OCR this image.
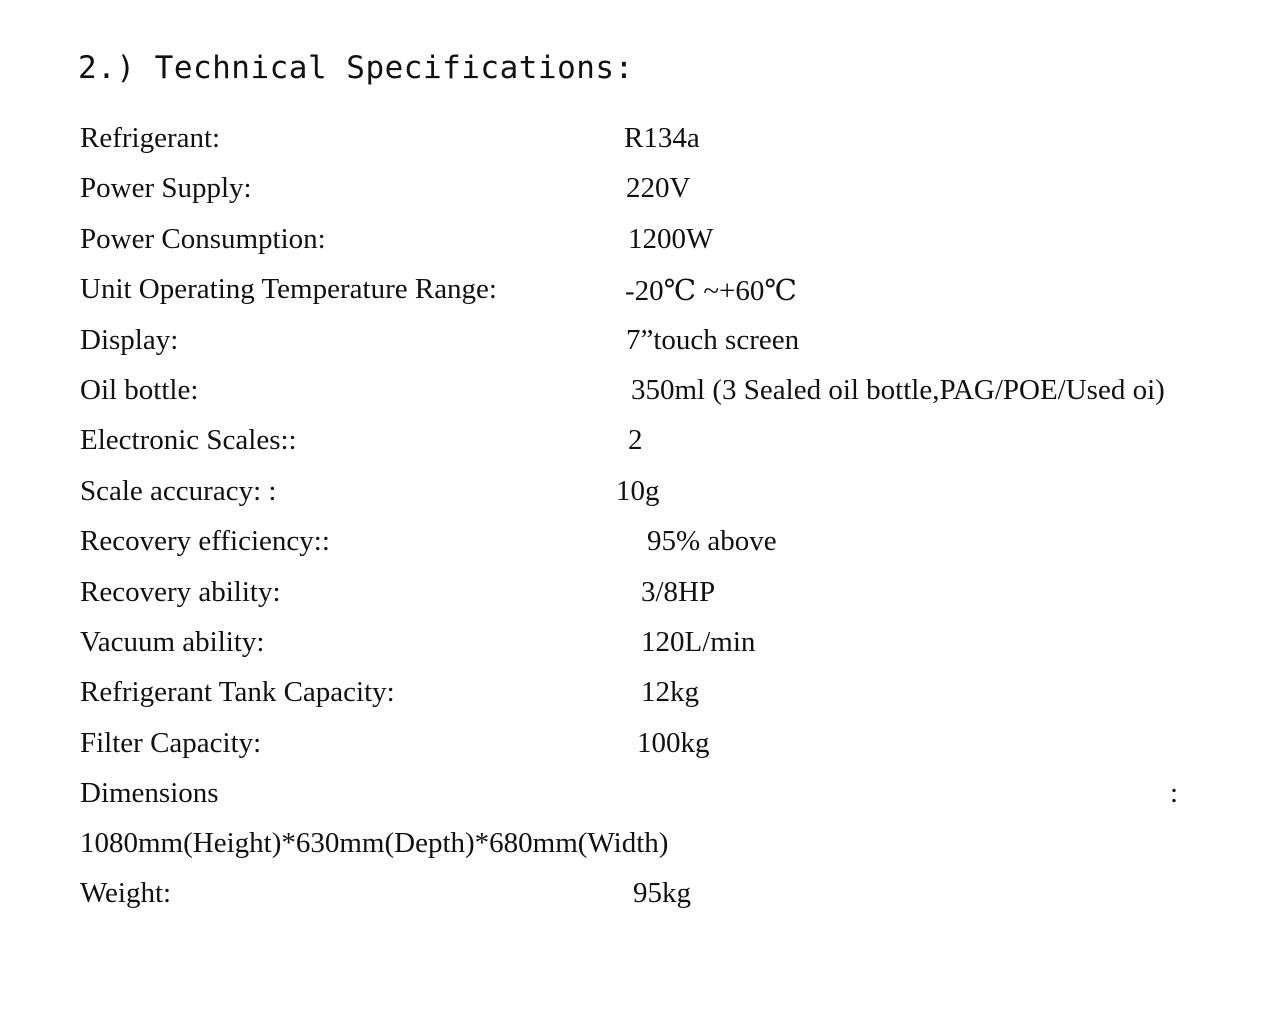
2.) Technical Specifications:
Refrigerant:	R134a
Power Supply:	220V
Power Consumption:	1200W
Unit Operating Temperature Range:	-20℃ ~+60℃
Display:	7”touch screen
Oil bottle:	350ml (3 Sealed oil bottle,PAG/POE/Used oi)
Electronic Scales::	2
Scale accuracy: :	10g
Recovery efficiency::	95% above
Recovery ability:	3/8HP
Vacuum ability:	120L/min
Refrigerant Tank Capacity:	12kg
Filter Capacity:	100kg
Dimensions	:
1080mm(Height)*630mm(Depth)*680mm(Width)
Weight:	95kg
